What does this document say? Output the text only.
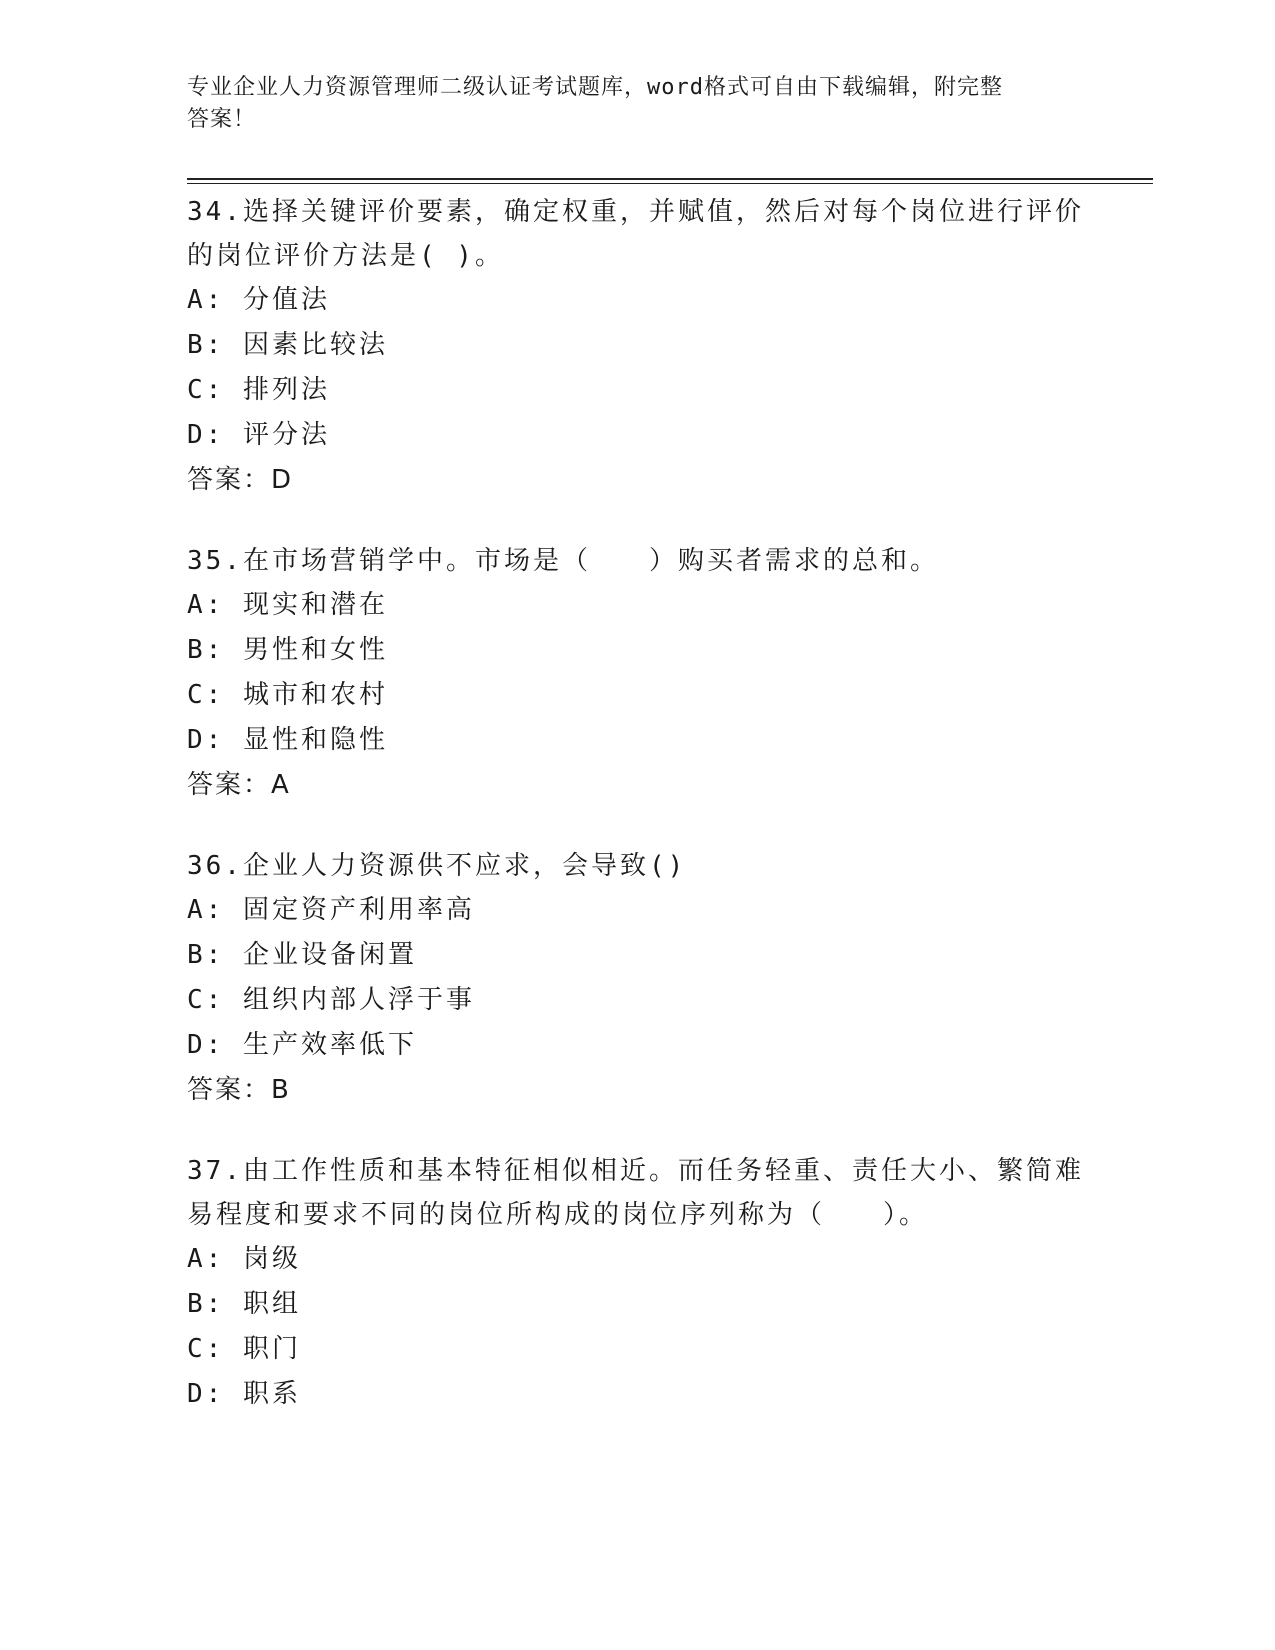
专业企业人力资源管理师二级认证考试题库，word格式可自由下载编辑，附完整
答案！

34.选择关键评价要素，确定权重，并赋值，然后对每个岗位进行评价

的岗位评价方法是( )。

A: 分值法

B: 因素比较法

C: 排列法

D: 评分法

答案：D

35.在市场营销学中。市场是（　　）购买者需求的总和。

A: 现实和潜在

B: 男性和女性

C: 城市和农村

D: 显性和隐性

答案：A

36.企业人力资源供不应求，会导致()

A: 固定资产利用率高

B: 企业设备闲置

C: 组织内部人浮于事

D: 生产效率低下

答案：B

37.由工作性质和基本特征相似相近。而任务轻重、责任大小、繁简难

易程度和要求不同的岗位所构成的岗位序列称为（　　）。

A: 岗级

B: 职组

C: 职门

D: 职系
